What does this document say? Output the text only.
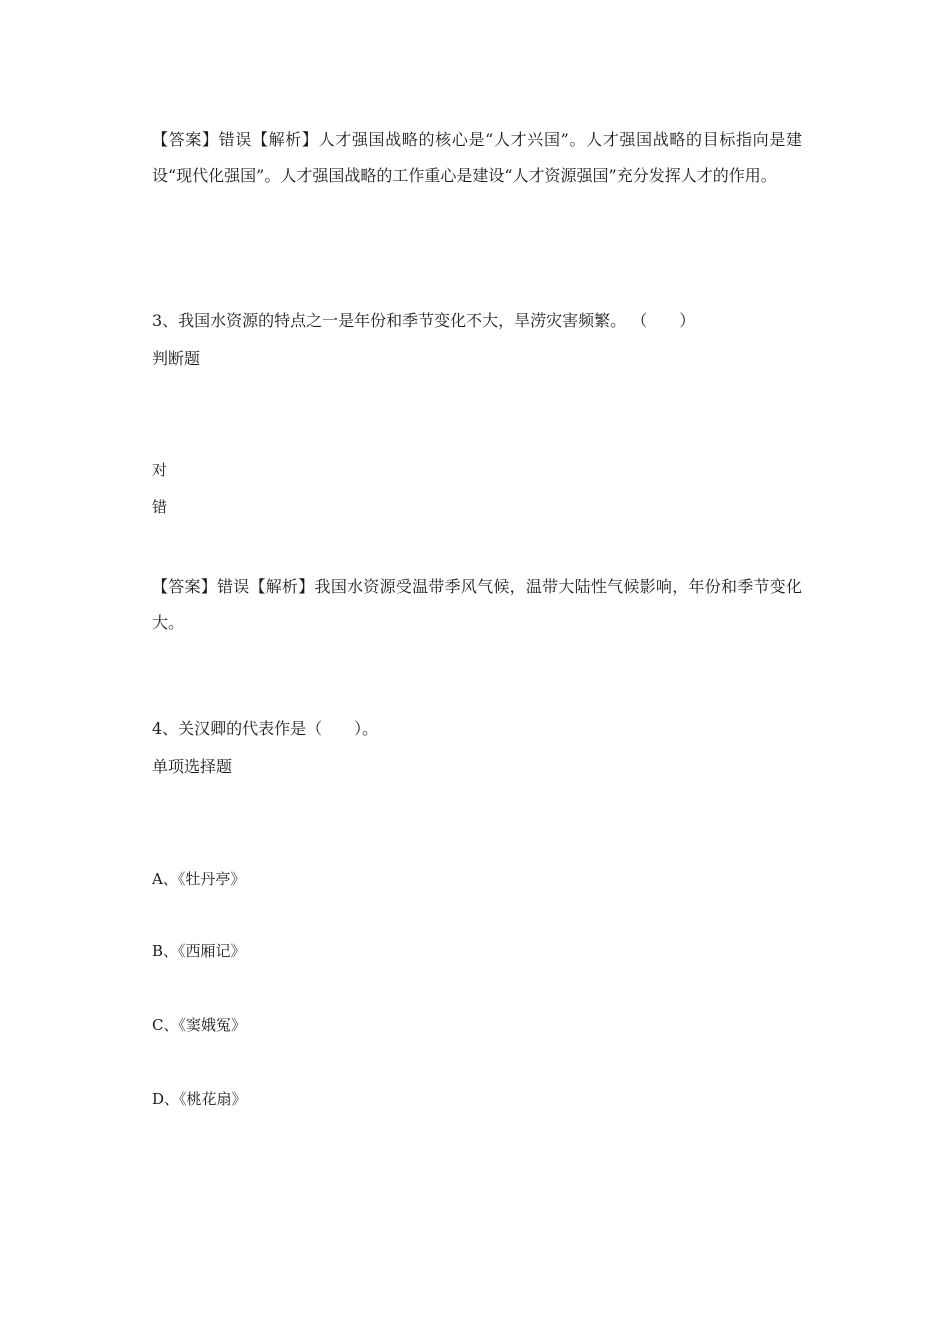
【答案】错误【解析】人才强国战略的核心是“人才兴国”。人才强国战略的目标指向是建设“现代化强国”。人才强国战略的工作重心是建设“人才资源强国”充分发挥人才的作用。

3、我国水资源的特点之一是年份和季节变化不大，旱涝灾害频繁。 （　　）

判断题

对
错

【答案】错误【解析】我国水资源受温带季风气候，温带大陆性气候影响，年份和季节变化大。

4、关汉卿的代表作是（　　）。

单项选择题

A、《牡丹亭》
B、《西厢记》
C、《窦娥冤》
D、《桃花扇》
